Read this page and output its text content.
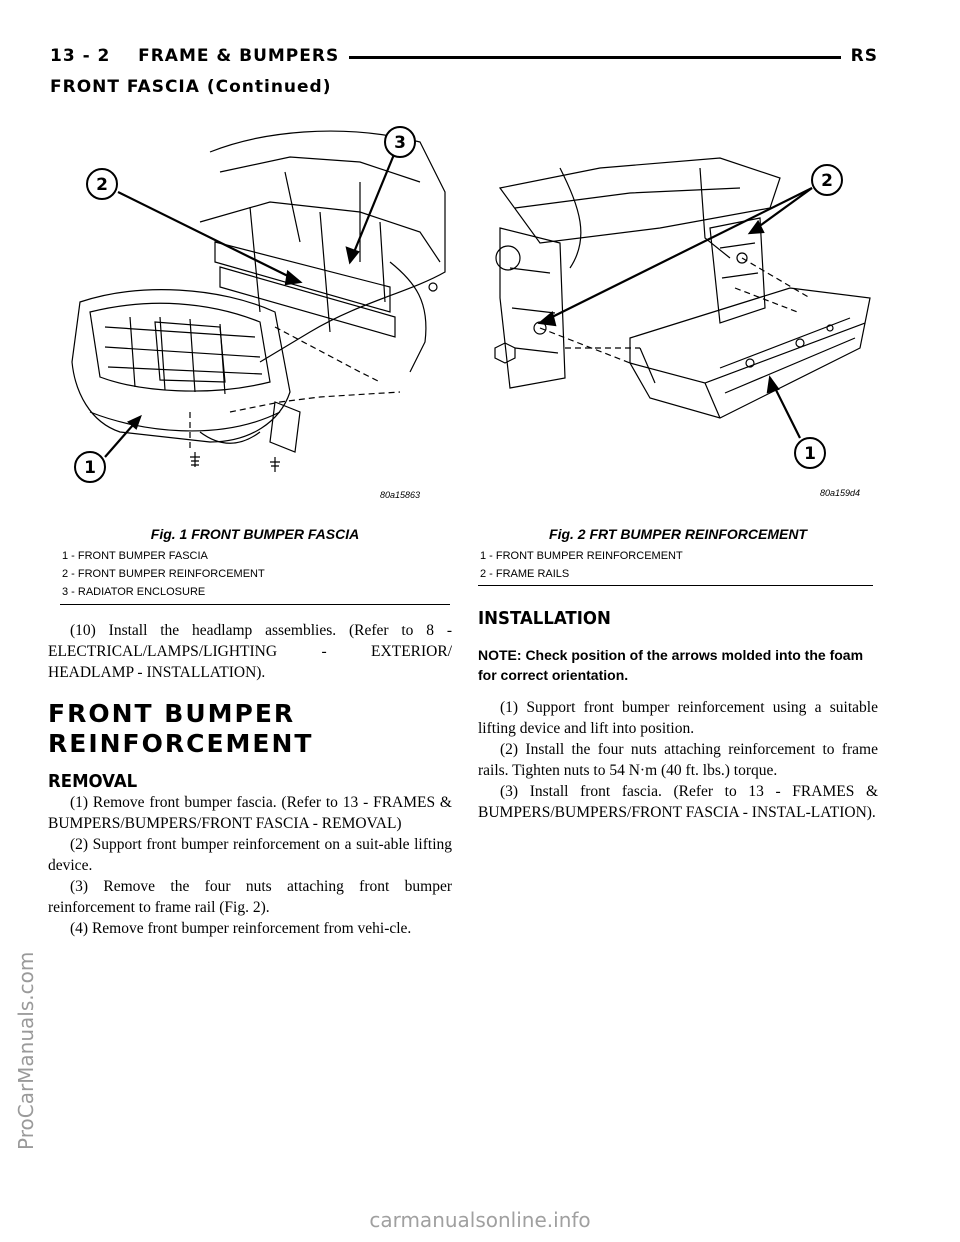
13 - 2 FRAME & BUMPERS	RS
FRONT FASCIA (Continued)
2
3
1
80a15863
Fig. 1 FRONT BUMPER FASCIA
1 - FRONT BUMPER FASCIA
2 - FRONT BUMPER REINFORCEMENT
3 - RADIATOR ENCLOSURE
2
1
80a159d4
Fig. 2 FRT BUMPER REINFORCEMENT
1 - FRONT BUMPER REINFORCEMENT
2 - FRAME RAILS

(10) Install the headlamp assemblies. (Refer to 8 - ELECTRICAL/LAMPS/LIGHTING - EXTERIOR/ HEADLAMP - INSTALLATION).

FRONT BUMPER

REINFORCEMENT

REMOVAL

(1) Remove front bumper fascia. (Refer to 13 - FRAMES & BUMPERS/BUMPERS/FRONT FASCIA - REMOVAL)

(2) Support front bumper reinforcement on a suit-able lifting device.

(3) Remove the four nuts attaching front bumper reinforcement to frame rail (Fig. 2).

(4) Remove front bumper reinforcement from vehi-cle.

INSTALLATION

NOTE: Check position of the arrows molded into the foam for correct orientation.

(1) Support front bumper reinforcement using a suitable lifting device and lift into position.

(2) Install the four nuts attaching reinforcement to frame rails. Tighten nuts to 54 N·m (40 ft. lbs.) torque.

(3) Install front fascia. (Refer to 13 - FRAMES & BUMPERS/BUMPERS/FRONT FASCIA - INSTAL-LATION).

ProCarManuals.com
carmanualsonline.info
